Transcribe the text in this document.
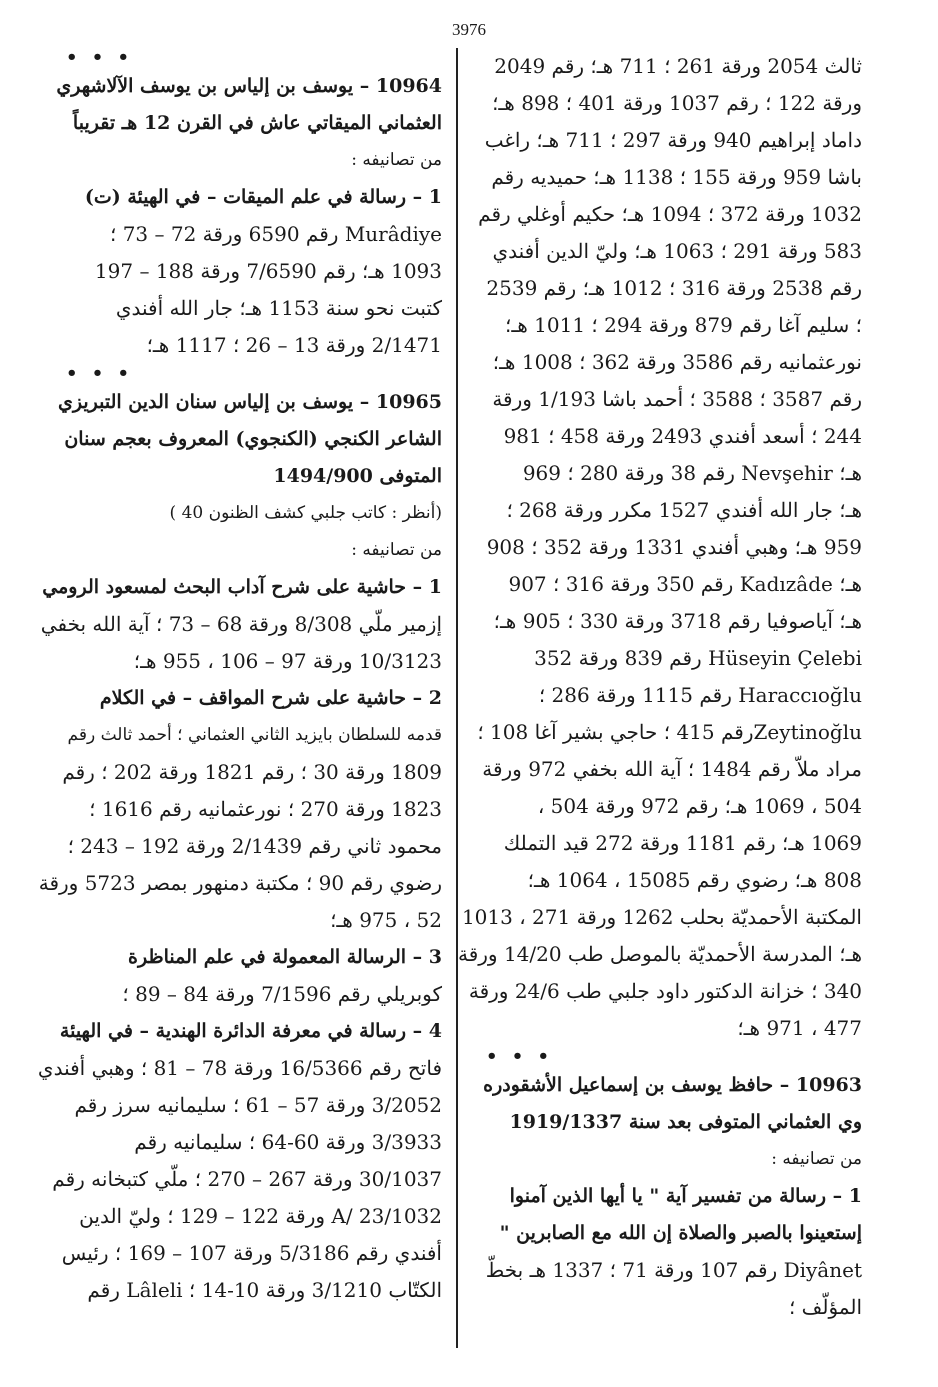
3976
ثالث 2054 ورقة 261 ؛ 711 هـ؛ رقم 2049
ورقة 122 ؛ رقم 1037 ورقة 401 ؛ 898 هـ؛
داماد إبراهيم 940 ورقة 297 ؛ 711 هـ؛ راغب
باشا 959 ورقة 155 ؛ 1138 هـ؛ حميديه رقم
1032 ورقة 372 ؛ 1094 هـ؛ حكيم أوغلي رقم
583 ورقة 291 ؛ 1063 هـ؛ وليّ الدين أفندي
رقم 2538 ورقة 316 ؛ 1012 هـ؛ رقم 2539
؛ سليم آغا رقم 879 ورقة 294 ؛ 1011 هـ؛
نورعثمانيه رقم 3586 ورقة 362 ؛ 1008 هـ؛
رقم 3587 ؛ 3588 ؛ أحمد باشا 1/193 ورقة
244 ؛ أسعد أفندي 2493 ورقة 458 ؛ 981
هـ؛ Nevşehir رقم 38 ورقة 280 ؛ 969
هـ؛ جار الله أفندي 1527 مكرر ورقة 268 ؛
959 هـ؛ وهبي أفندي 1331 ورقة 352 ؛ 908
هـ؛ Kadızâde رقم 350 ورقة 316 ؛ 907
هـ؛ آياصوفيا رقم 3718 ورقة 330 ؛ 905 هـ؛
Hüseyin Çelebi رقم 839 ورقة 352
Haraccıoğlu رقم 1115 ورقة 286 ؛
Zeytinoğluرقم 415 ؛ حاجي بشير آغا 108 ؛
مراد ملاّ رقم 1484 ؛ آية الله بخفي 972 ورقة
504 ، 1069 هـ؛ رقم 972 ورقة 504 ،
1069 هـ؛ رقم 1181 ورقة 272 قيد التملك
808 هـ؛ رضوي رقم 15085 ، 1064 هـ؛
المكتبة الأحمديّة بحلب 1262 ورقة 271 ، 1013
هـ؛ المدرسة الأحمديّة بالموصل طب 14/20 ورقة
340 ؛ خزانة الدكتور داود جلبي طب 24/6 ورقة
477 ، 971 هـ؛
• • •
10963 – حافظ يوسف بن إسماعيل الأشقودره
وي العثماني المتوفى بعد سنة 1919/1337
من تصانيفه :
1 – رسالة من تفسير آية " يا أيها الذين آمنوا
إستعينوا بالصبر والصلاة إن الله مع الصابرين "
Diyânet رقم 107 ورقة 71 ؛ 1337 هـ بخطّ
المؤلّف ؛
• • •
10964 – يوسف بن إلياس بن يوسف الآلاشهري
العثماني الميقاتي عاش في القرن 12 هـ تقريباً
من تصانيفه :
1 – رسالة في علم الميقات – في الهيئة (ت)
Murâdiye رقم 6590 ورقة 72 – 73 ؛
1093 هـ؛ رقم 7/6590 ورقة 188 – 197
كتبت نحو سنة 1153 هـ؛ جار الله أفندي
2/1471 ورقة 13 – 26 ؛ 1117 هـ؛
• • •
10965 – يوسف بن إلياس سنان الدين التبريزي
الشاعر الكنجي (الكنجوي) المعروف بعجم سنان
المتوفى 1494/900
(أنظر : كاتب جلبي كشف الظنون 40 )
من تصانيفه :
1 – حاشية على شرح آداب البحث لمسعود الرومي
إزمير ملّي 8/308 ورقة 68 – 73 ؛ آية الله بخفي
10/3123 ورقة 97 – 106 ، 955 هـ؛
2 – حاشية على شرح المواقف – في الكلام
قدمه للسلطان بايزيد الثاني العثماني ؛ أحمد ثالث رقم
1809 ورقة 30 ؛ رقم 1821 ورقة 202 ؛ رقم
1823 ورقة 270 ؛ نورعثمانيه رقم 1616 ؛
محمود ثاني رقم 2/1439 ورقة 192 – 243 ؛
رضوي رقم 90 ؛ مكتبة دمنهور بمصر 5723 ورقة
52 ، 975 هـ؛
3 – الرسالة المعمولة في علم المناظرة
كوبريلي رقم 7/1596 ورقة 84 – 89 ؛
4 – رسالة في معرفة الدائرة الهندية – في الهيئة
فاتح رقم 16/5366 ورقة 78 – 81 ؛ وهبي أفندي
3/2052 ورقة 57 – 61 ؛ سليمانيه سرز رقم
3/3933 ورقة 60-64 ؛ سليمانيه رقم
30/1037 ورقة 267 – 270 ؛ ملّي كتبخانه رقم
A/ 23/1032 ورقة 122 – 129 ؛ وليّ الدين
أفندي رقم 5/3186 ورقة 107 – 169 ؛ رئيس
الكتّاب 3/1210 ورقة 10-14 ؛ Lâleli رقم
